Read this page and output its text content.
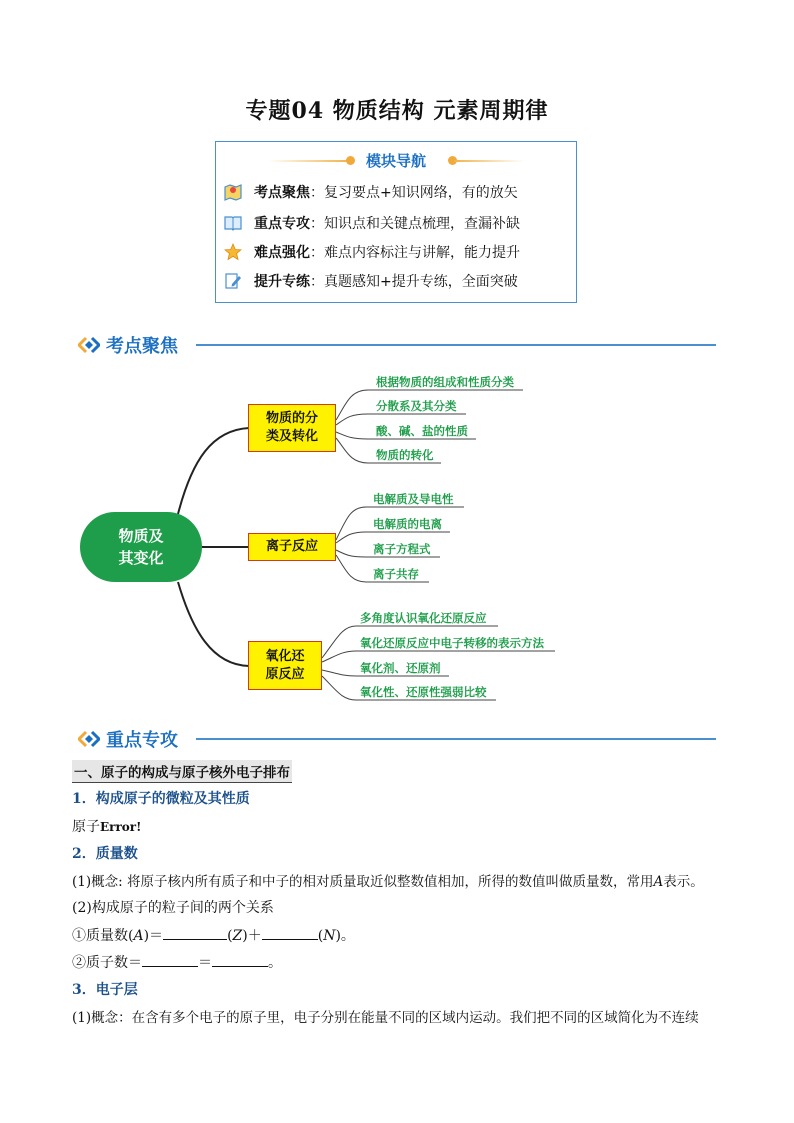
专题04 物质结构 元素周期律
模块导航
考点聚焦 ：复习要点+知识网络，有的放矢
重点专攻 ：知识点和关键点梳理，查漏补缺
难点强化 ：难点内容标注与讲解，能力提升
提升专练 ：真题感知+提升专练，全面突破
考点聚焦
物质及
其变化
物质的分
类及转化
离子反应
氧化还
原反应
根据物质的组成和性质分类
分散系及其分类
酸、碱、盐的性质
物质的转化
电解质及导电性
电解质的电离
离子方程式
离子共存
多角度认识氧化还原反应
氧化还原反应中电子转移的表示方法
氧化剂、还原剂
氧化性、还原性强弱比较
重点专攻
一、原子的构成与原子核外电子排布
1．构成原子的微粒及其性质
原子Error!
2．质量数
(1)概念: 将原子核内所有质子和中子的相对质量取近似整数值相加，所得的数值叫做质量数，常用A表示。
(2)构成原子的粒子间的两个关系
①质量数(A)＝	(Z)＋	(N)。
②质子数＝	＝	。
3．电子层
(1)概念：在含有多个电子的原子里，电子分别在能量不同的区域内运动。我们把不同的区域简化为不连续
